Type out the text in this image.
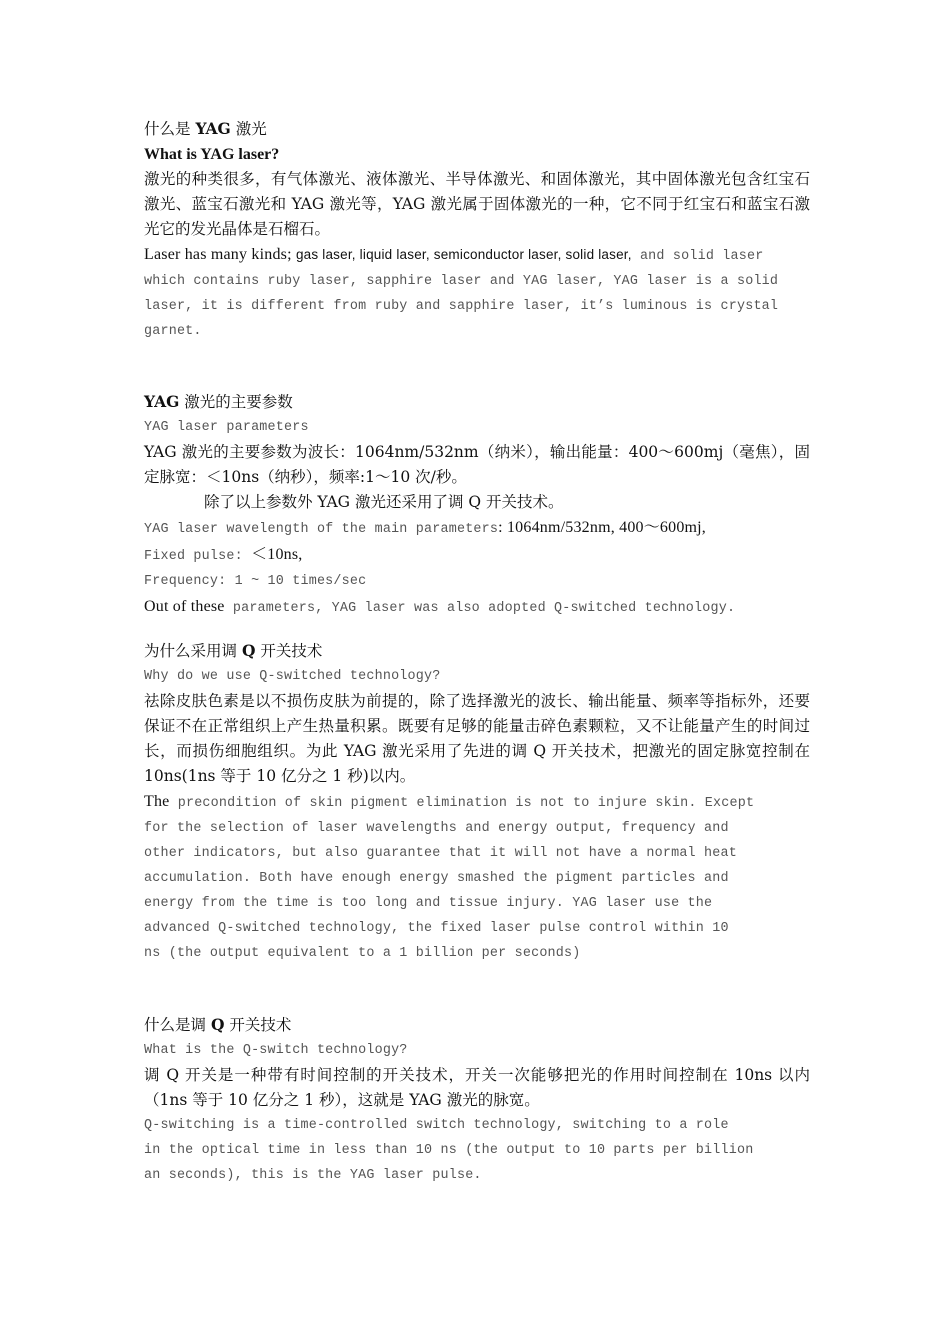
什么是 YAG 激光

What is YAG laser?

激光的种类很多，有气体激光、液体激光、半导体激光、和固体激光，其中固体激光包含红宝石激光、蓝宝石激光和 YAG 激光等，YAG 激光属于固体激光的一种，它不同于红宝石和蓝宝石激光它的发光晶体是石榴石。

Laser has many kinds; gas laser, liquid laser, semiconductor laser, solid laser, and solid laser

which contains ruby laser, sapphire laser and YAG laser, YAG laser is a solid

laser, it is different from ruby and sapphire laser, it’s luminous is crystal

garnet.

YAG 激光的主要参数

YAG laser parameters

YAG 激光的主要参数为波长：1064nm/532nm（纳米），输出能量：400～600mj（毫焦），固定脉宽：＜10ns（纳秒），频率:1～10 次/秒。

除了以上参数外 YAG 激光还采用了调 Q 开关技术。

YAG laser wavelength of the main parameters: 1064nm/532nm, 400～600mj,

Fixed pulse: ＜10ns,

Frequency: 1 ~ 10 times/sec

Out of these parameters, YAG laser was also adopted Q-switched technology.

为什么采用调 Q 开关技术

Why do we use Q-switched technology?

祛除皮肤色素是以不损伤皮肤为前提的，除了选择激光的波长、输出能量、频率等指标外，还要保证不在正常组织上产生热量积累。既要有足够的能量击碎色素颗粒，又不让能量产生的时间过长，而损伤细胞组织。为此 YAG 激光采用了先进的调 Q 开关技术，把激光的固定脉宽控制在 10ns(1ns 等于 10 亿分之 1 秒)以内。

The precondition of skin pigment elimination is not to injure skin. Except

for the selection of laser wavelengths and energy output, frequency and

other indicators, but also guarantee that it will not have a normal heat

accumulation. Both have enough energy smashed the pigment particles and

energy from the time is too long and tissue injury. YAG laser use the

advanced Q-switched technology, the fixed laser pulse control within 10

ns (the output equivalent to a 1 billion per seconds)

什么是调 Q 开关技术

What is the Q-switch technology?

调 Q 开关是一种带有时间控制的开关技术，开关一次能够把光的作用时间控制在 10ns 以内（1ns 等于 10 亿分之 1 秒），这就是 YAG 激光的脉宽。

Q-switching is a time-controlled switch technology, switching to a role

in the optical time in less than 10 ns (the output to 10 parts per billion

an seconds), this is the YAG laser pulse.
